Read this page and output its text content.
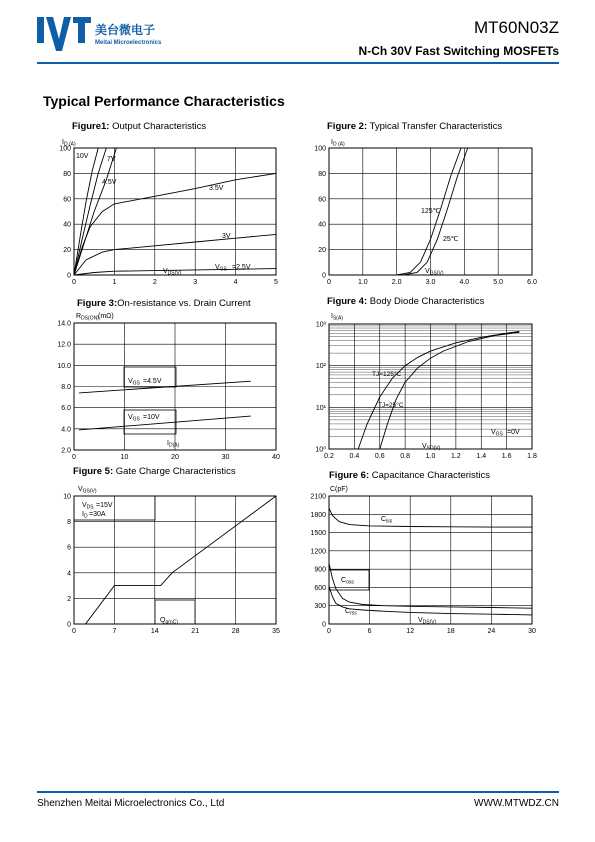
美台微电子
Meitai Microelectronics
MT60N03Z
N-Ch 30V Fast Switching MOSFETs
Typical Performance Characteristics
Figure1: Output Characteristics	Figure 2: Typical Transfer Characteristics
Figure 3:On-resistance vs. Drain Current	Figure 4: Body Diode Characteristics
Figure 5: Gate Charge Characteristics	Figure 6: Capacitance Characteristics
0	1	2	3	4	5
0
20
40
60
80
100
0	1.0	2.0	3.0	4.0	5.0	6.0
0
20
40
60
80
100
0	10	20	30	40
2.0
4.0
6.0
8.0
10.0
12.0
14.0
0.2 0.4 0.6 0.8 1.0 1.2 1.4 1.6 1.8
10⁰
10¹
10²
10³
0	7	14	21	28	35
0
2
4
6
8
10
0	6	12	18	24	30
0
300
600
900
1200
1500
1800
2100
$I_{D (A)}$
$V_{DS(V)}$
10V	7V
4.5V
3.5V
3V
$V_{GS} =2.5V$
$I_{D (A)}$
$V_{GS(V)}$
125℃
25℃
$R_{DS(ON)}$ (mΩ)
$I_{D(A)}$
$V_{GS} =4.5V$
$V_{GS} =10V$
$I_{S(A)}$
$V_{SD(V)}$
$V_{GS} =0V$
TJ=125°C
TJ=25°C
$V_{GS(V)}$
$Q_{g(nC)}$
$V_{DS} =15V$
$I_D =30A$
C(pF)
$V_{DS(V)}$
$C_{iss}$
$C_{oss}$
$C_{rss}$
Shenzhen Meitai Microelectronics Co., Ltd	WWW.MTWDZ.CN
